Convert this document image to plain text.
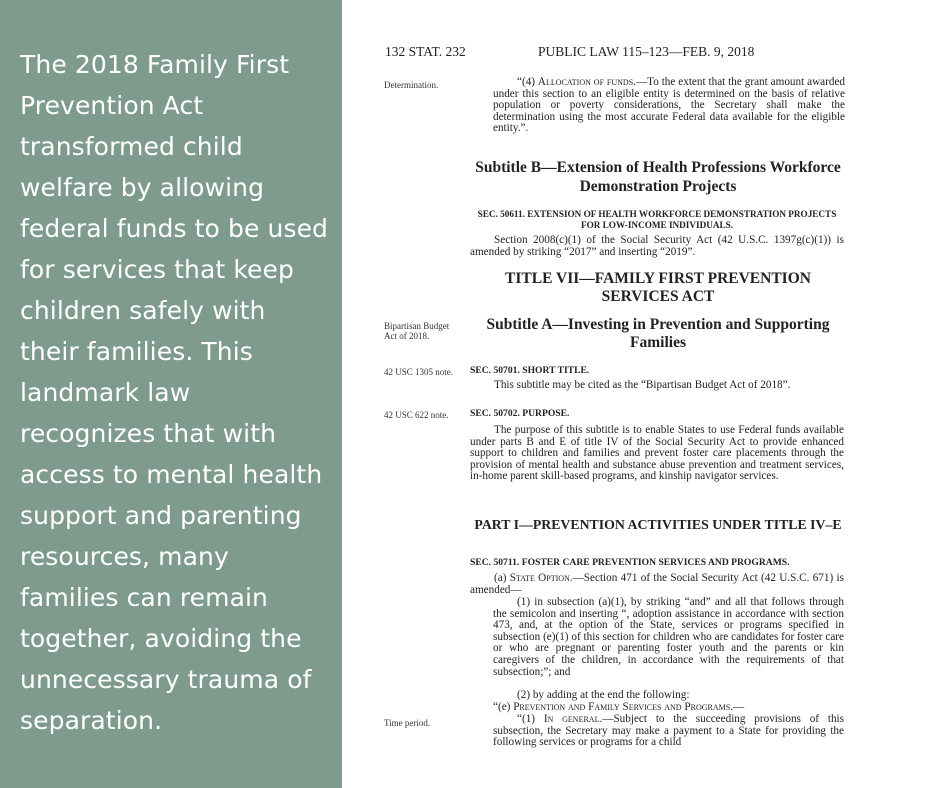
The 2018 Family First Prevention Act transformed child welfare by allowing federal funds to be used for services that keep children safely with their families. This landmark law recognizes that with access to mental health support and parenting resources, many families can remain together, avoiding the unnecessary trauma of separation.

132 STAT. 232	PUBLIC LAW 115–123—FEB. 9, 2018
Determination.	“(4) Allocation of funds.—To the extent that the grant amount awarded under this section to an eligible entity is determined on the basis of relative population or poverty considerations, the Secretary shall make the determination using the most accurate Federal data available for the eligible entity.”.
Subtitle B—Extension of Health Professions Workforce Demonstration Projects
SEC. 50611. EXTENSION OF HEALTH WORKFORCE DEMONSTRATION PROJECTS FOR LOW-INCOME INDIVIDUALS.
Section 2008(c)(1) of the Social Security Act (42 U.S.C. 1397g(c)(1)) is amended by striking “2017” and inserting “2019”.
TITLE VII—FAMILY FIRST PREVENTION SERVICES ACT
Bipartisan Budget Act of 2018.
Subtitle A—Investing in Prevention and Supporting Families
42 USC 1305 note. SEC. 50701. SHORT TITLE.
This subtitle may be cited as the “Bipartisan Budget Act of 2018”.
42 USC 622 note. SEC. 50702. PURPOSE.
The purpose of this subtitle is to enable States to use Federal funds available under parts B and E of title IV of the Social Security Act to provide enhanced support to children and families and prevent foster care placements through the provision of mental health and substance abuse prevention and treatment services, in-home parent skill-based programs, and kinship navigator services.
PART I—PREVENTION ACTIVITIES UNDER TITLE IV–E
SEC. 50711. FOSTER CARE PREVENTION SERVICES AND PROGRAMS.
(a) State Option.—Section 471 of the Social Security Act (42 U.S.C. 671) is amended—
(1) in subsection (a)(1), by striking “and” and all that follows through the semicolon and inserting “, adoption assistance in accordance with section 473, and, at the option of the State, services or programs specified in subsection (e)(1) of this section for children who are candidates for foster care or who are pregnant or parenting foster youth and the parents or kin caregivers of the children, in accordance with the requirements of that subsection;”; and
(2) by adding at the end the following:
“(e) Prevention and Family Services and Programs.—
Time period.	“(1) In general.—Subject to the succeeding provisions of this subsection, the Secretary may make a payment to a State for providing the following services or programs for a child
